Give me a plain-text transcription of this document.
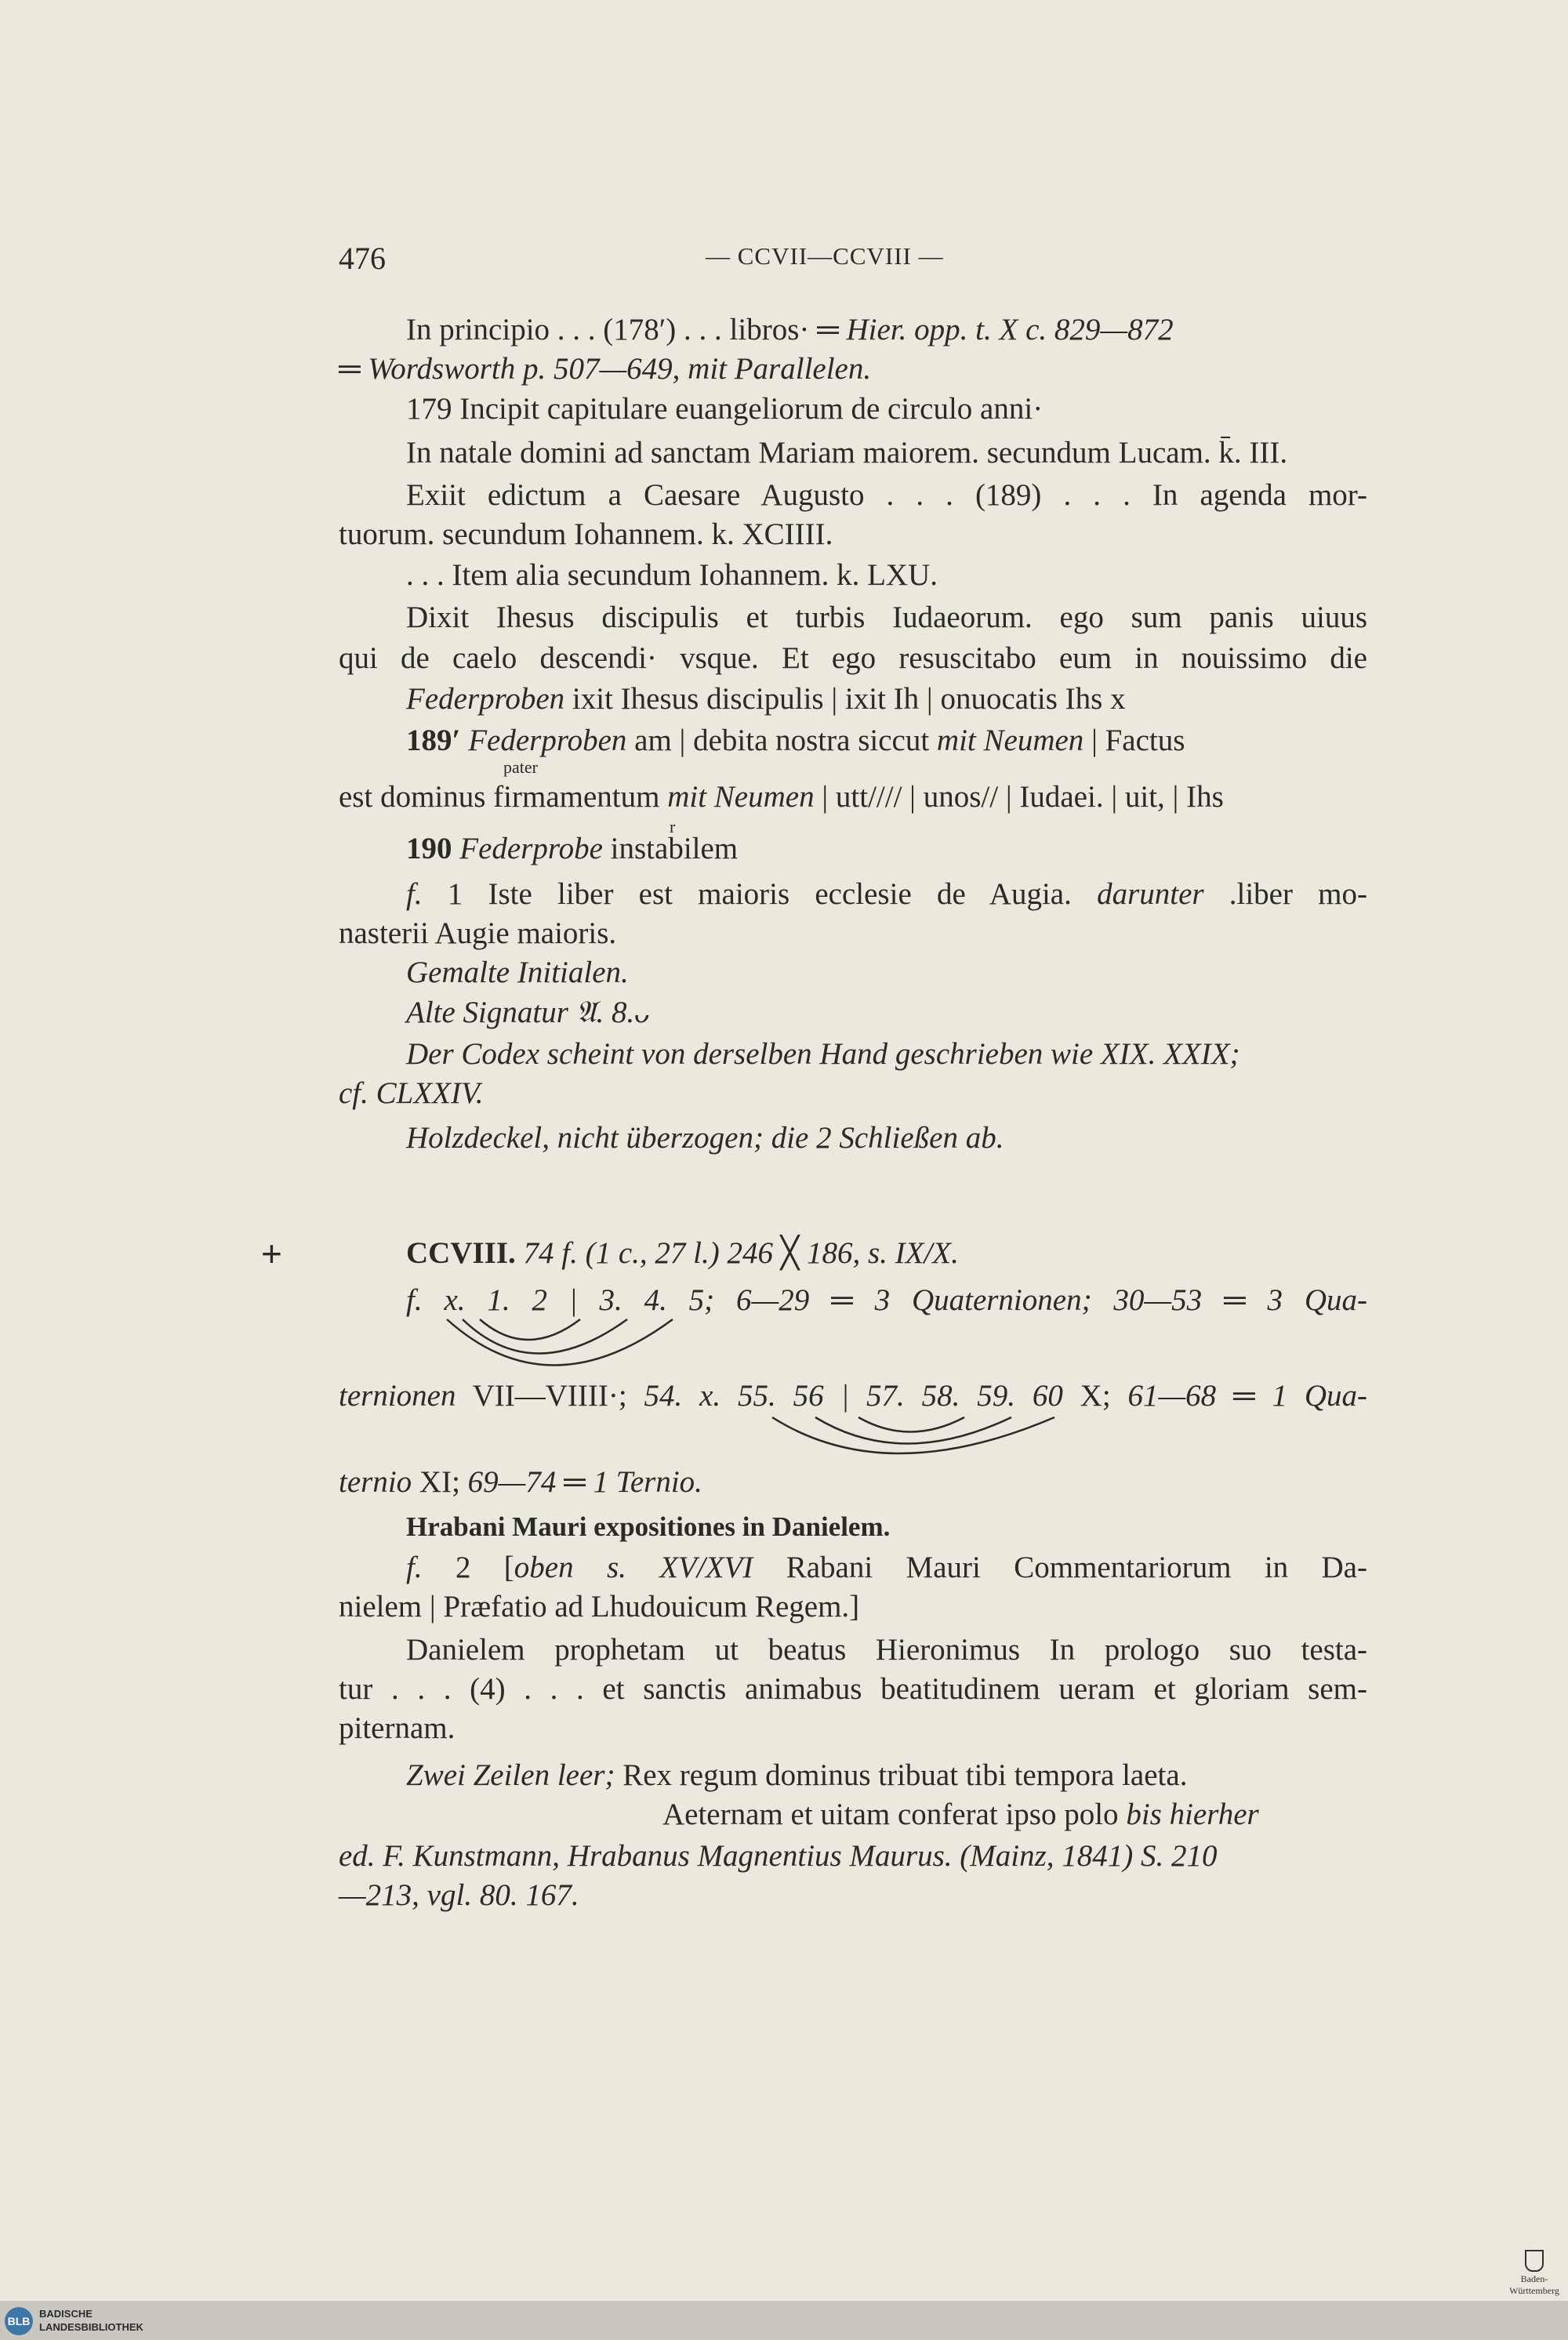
476	— CCVII—CCVIII —
In principio . . . (178′) . . . libros· ═ Hier. opp. t. X c. 829—872
═ Wordsworth p. 507—649, mit Parallelen.
179 Incipit capitulare euangeliorum de circulo anni·
In natale domini ad sanctam Mariam maiorem. secundum Lucam. k̄. III.
Exiit edictum a Caesare Augusto . . . (189) . . . In agenda mor-
tuorum. secundum Iohannem. k. XCIIII.
. . . Item alia secundum Iohannem. k. LXU.
Dixit Ihesus discipulis et turbis Iudaeorum. ego sum panis uiuus
qui de caelo descendi· vsque. Et ego resuscitabo eum in nouissimo die
Federproben ixit Ihesus discipulis | ixit Ih | onuocatis Ihs x
189′ Federproben am | debita nostra siccut mit Neumen | Factus
pater
est dominus firmamentum mit Neumen | utt//// | unos// | Iudaei. | uit, | Ihs
r
190 Federprobe instabilem
f. 1 Iste liber est maioris ecclesie de Augia. darunter .liber mo-
nasterii Augie maioris.
Gemalte Initialen.
Alte Signatur 𝔄. 8.ᴗ
Der Codex scheint von derselben Hand geschrieben wie XIX. XXIX;
cf. CLXXIV.
Holzdeckel, nicht überzogen; die 2 Schließen ab.
+	CCVIII. 74 f. (1 c., 27 l.) 246 ╳ 186, s. IX/X.
f. x. 1. 2 | 3. 4. 5; 6—29 ═ 3 Quaternionen; 30—53 ═ 3 Qua-
ternionen VII—VIIII·; 54. x. 55. 56 | 57. 58. 59. 60 X; 61—68 ═ 1 Qua-
ternio XI; 69—74 ═ 1 Ternio.
Hrabani Mauri expositiones in Danielem.
f. 2 [oben s. XV/XVI Rabani Mauri Commentariorum in Da-
nielem | Præfatio ad Lhudouicum Regem.]
Danielem prophetam ut beatus Hieronimus In prologo suo testa-
tur . . . (4) . . . et sanctis animabus beatitudinem ueram et gloriam sem-
piternam.
Zwei Zeilen leer; Rex regum dominus tribuat tibi tempora laeta.
Aeternam et uitam conferat ipso polo bis hierher
ed. F. Kunstmann, Hrabanus Magnentius Maurus. (Mainz, 1841) S. 210
—213, vgl. 80. 167.
Baden-Württemberg
BLB
BADISCHE
LANDESBIBLIOTHEK
